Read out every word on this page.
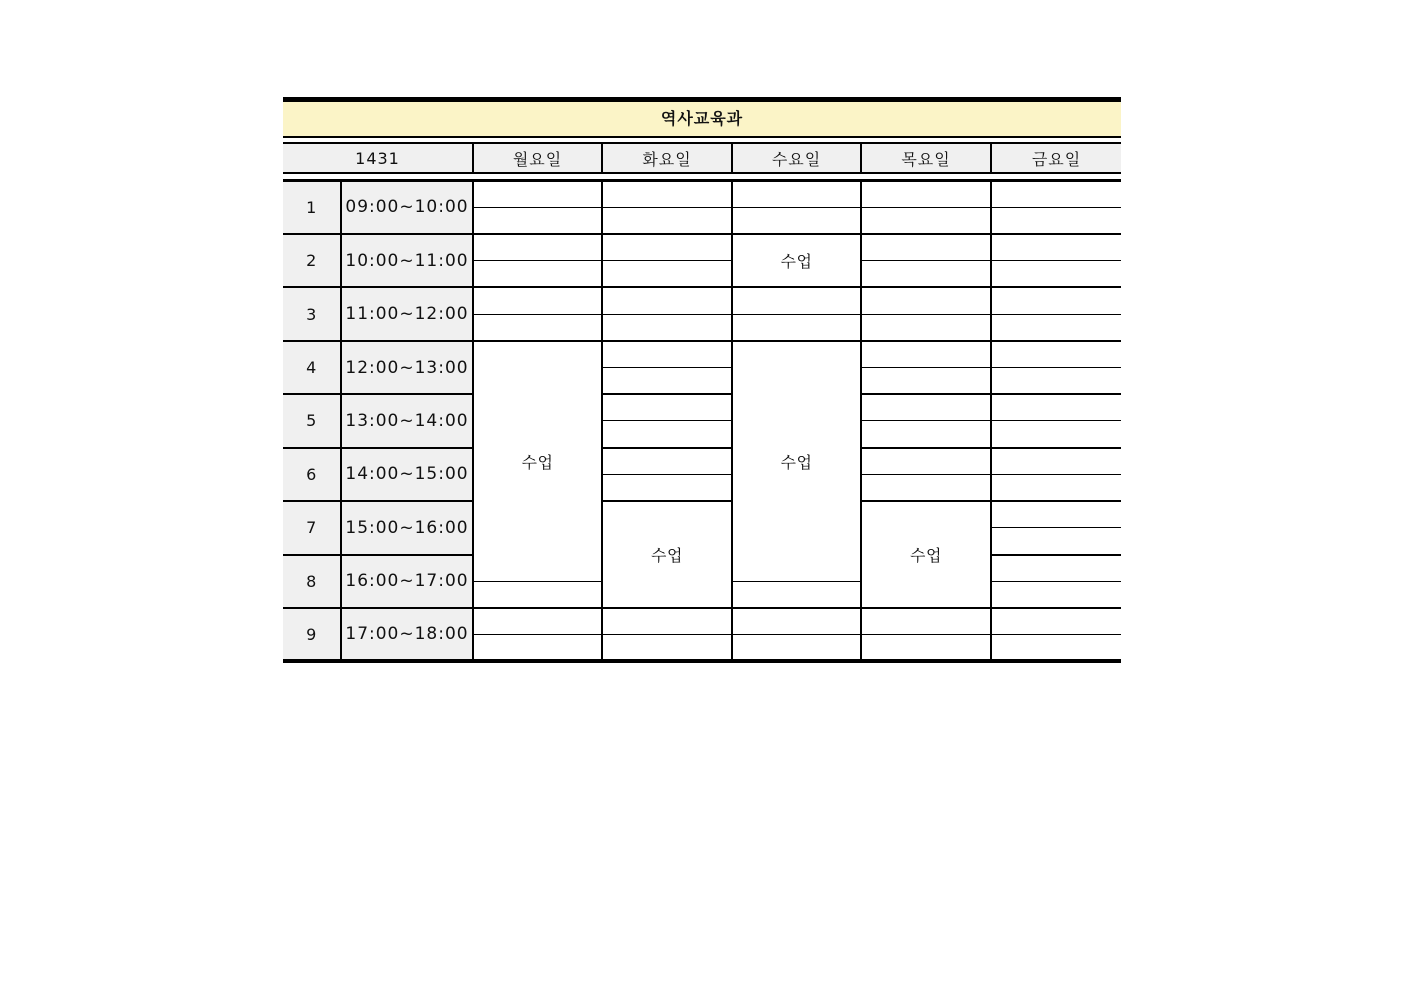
역사교육과
1431	월요일	화요일	수요일	목요일	금요일
1	09:00~10:00					

2	10:00~11:00			수업		

3	11:00~12:00					

4	12:00~13:00	수업		수업		

5	13:00~14:00					

6	14:00~15:00					

7	15:00~16:00		수업		수업	

8	16:00~17:00					

9	17:00~18:00					
